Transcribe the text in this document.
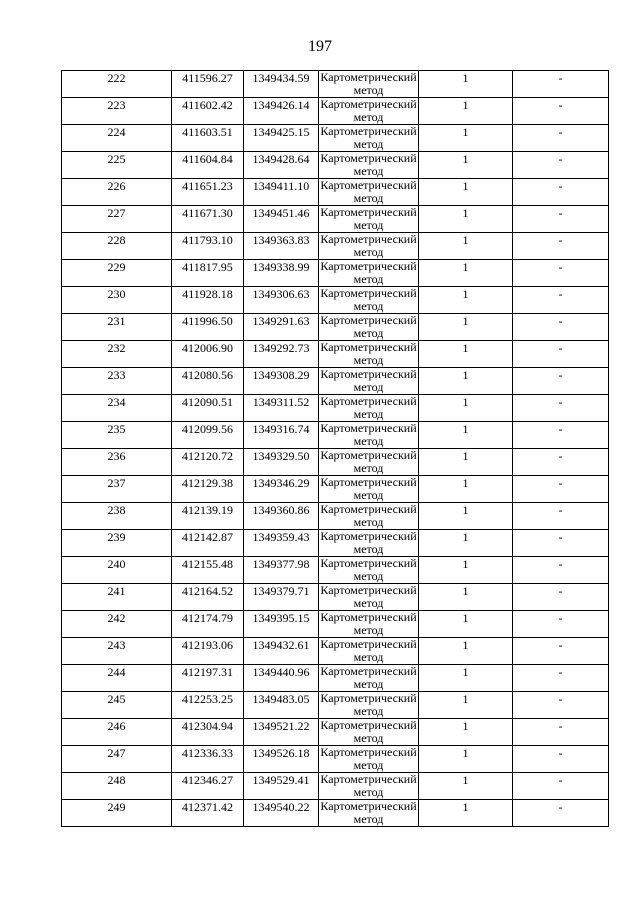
197
222	411596.27	1349434.59	Картометрический метод	1	-
223	411602.42	1349426.14	Картометрический метод	1	-
224	411603.51	1349425.15	Картометрический метод	1	-
225	411604.84	1349428.64	Картометрический метод	1	-
226	411651.23	1349411.10	Картометрический метод	1	-
227	411671.30	1349451.46	Картометрический метод	1	-
228	411793.10	1349363.83	Картометрический метод	1	-
229	411817.95	1349338.99	Картометрический метод	1	-
230	411928.18	1349306.63	Картометрический метод	1	-
231	411996.50	1349291.63	Картометрический метод	1	-
232	412006.90	1349292.73	Картометрический метод	1	-
233	412080.56	1349308.29	Картометрический метод	1	-
234	412090.51	1349311.52	Картометрический метод	1	-
235	412099.56	1349316.74	Картометрический метод	1	-
236	412120.72	1349329.50	Картометрический метод	1	-
237	412129.38	1349346.29	Картометрический метод	1	-
238	412139.19	1349360.86	Картометрический метод	1	-
239	412142.87	1349359.43	Картометрический метод	1	-
240	412155.48	1349377.98	Картометрический метод	1	-
241	412164.52	1349379.71	Картометрический метод	1	-
242	412174.79	1349395.15	Картометрический метод	1	-
243	412193.06	1349432.61	Картометрический метод	1	-
244	412197.31	1349440.96	Картометрический метод	1	-
245	412253.25	1349483.05	Картометрический метод	1	-
246	412304.94	1349521.22	Картометрический метод	1	-
247	412336.33	1349526.18	Картометрический метод	1	-
248	412346.27	1349529.41	Картометрический метод	1	-
249	412371.42	1349540.22	Картометрический метод	1	-
